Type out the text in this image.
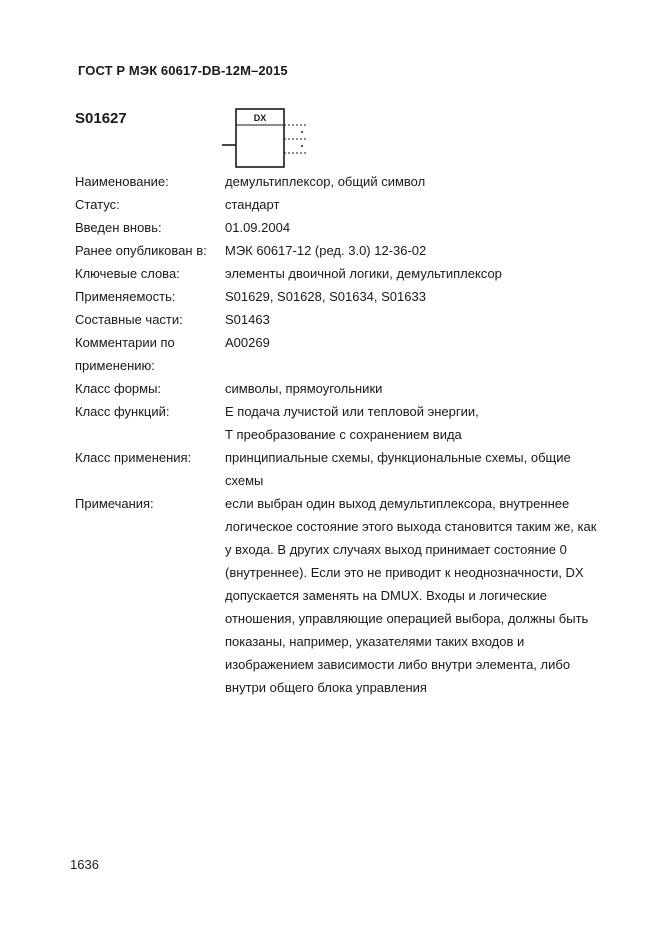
ГОСТ Р МЭК 60617-DB-12M–2015
S01627	DX
Наименование:	демультиплексор, общий символ
Статус:	стандарт
Введен вновь:	01.09.2004
Ранее опубликован в:	МЭК 60617-12 (ред. 3.0) 12-36-02
Ключевые слова:	элементы двоичной логики, демультиплексор
Применяемость:	S01629, S01628, S01634, S01633
Составные части:	S01463
Комментарии по
применению:
А00269
Класс формы:	символы, прямоугольники
Класс функций:	Е подача лучистой или тепловой энергии,
Т преобразование с сохранением вида
Класс применения:	принципиальные схемы, функциональные схемы, общие
схемы
Примечания:	если выбран один выход демультиплексора, внутреннее
логическое состояние этого выхода становится таким же, как
у входа. В других случаях выход принимает состояние 0
(внутреннее). Если это не приводит к неоднозначности, DX
допускается заменять на DMUX. Входы и логические
отношения, управляющие операцией выбора, должны быть
показаны, например, указателями таких входов и
изображением зависимости либо внутри элемента, либо
внутри общего блока управления
1636
